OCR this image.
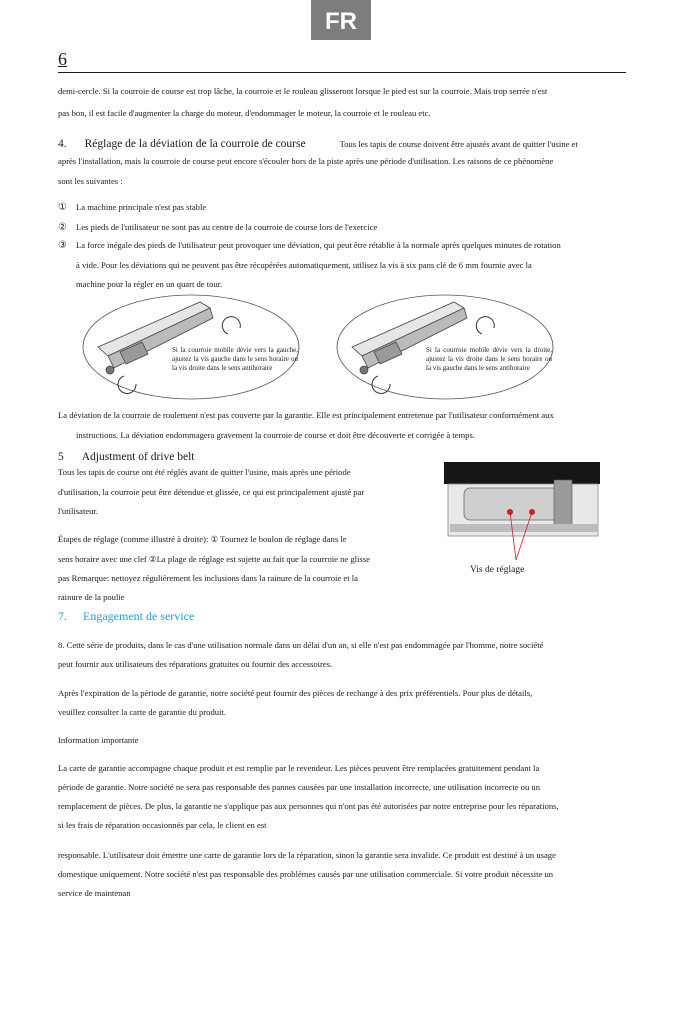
FR
6

demi-cercle. Si la courroie de course est trop lâche, la courroie et le rouleau glisseront lorsque le pied est sur la courroie. Mais trop serrée n'est

pas bon, il est facile d'augmenter la charge du moteur, d'endommager le moteur, la courroie et le rouleau etc.

4. Réglage de la déviation de la courroie de course	Tous les tapis de course doivent être ajustés avant de quitter l'usine et

après l'installation, mais la courroie de course peut encore s'écouler hors de la piste après une période d'utilisation. Les raisons de ce phénomène

sont les suivantes :

① La machine principale n'est pas stable
② Les pieds de l'utilisateur ne sont pas au centre de la courroie de course lors de l'exercice
③ La force inégale des pieds de l'utilisateur peut provoquer une déviation, qui peut être rétablie à la normale après quelques minutes de rotation

à vide. Pour les déviations qui ne peuvent pas être récupérées automatiquement, utilisez la vis à six pans clé de 6 mm fournie avec la

machine pour la régler en un quart de tour.

Si la courroie mobile dévie vers la gauche, ajustez la vis gauche dans le sens horaire ou la vis droite dans le sens antihoraire
Si la courroie mobile dévie vers la droite, ajustez la vis droite dans le sens horaire ou la vis gauche dans le sens antihoraire

La déviation de la courroie de roulement n'est pas couverte par la garantie. Elle est principalement entretenue par l'utilisateur conformément aux

instructions. La déviation endommagera gravement la courroie de course et doit être découverte et corrigée à temps.

5 Adjustment of drive belt

Tous les tapis de course ont été réglés avant de quitter l'usine, mais après une période

d'utilisation, la courroie peut être détendue et glissée, ce qui est principalement ajusté par

l'utilisateur.

Étapes de réglage (comme illustré à droite): ① Tournez le boulon de réglage dans le

sens horaire avec une clef ②La plage de réglage est sujette au fait que la courroie ne glisse

pas Remarque: nettoyez régulièrement les inclusions dans la rainure de la courroie et la

rainure de la poulie

Vis de réglage
7. Engagement de service

8. Cette série de produits, dans le cas d'une utilisation normale dans un délai d'un an, si elle n'est pas endommagée par l'homme, notre société

peut fournir aux utilisateurs des réparations gratuites ou fournir des accessoires.

Après l'expiration de la période de garantie, notre société peut fournir des pièces de rechange à des prix préférentiels. Pour plus de détails,

veuillez consulter la carte de garantie du produit.

Information importante

La carte de garantie accompagne chaque produit et est remplie par le revendeur. Les pièces peuvent être remplacées gratuitement pendant la

période de garantie. Notre société ne sera pas responsable des pannes causées par une installation incorrecte, une utilisation incorrecte ou un

remplacement de pièces. De plus, la garantie ne s'applique pas aux personnes qui n'ont pas été autorisées par notre entreprise pour les réparations,

si les frais de réparation occasionnés par cela, le client en est

responsable. L'utilisateur doit émettre une carte de garantie lors de la réparation, sinon la garantie sera invalide. Ce produit est destiné à un usage

domestique uniquement. Notre société n'est pas responsable des problèmes causés par une utilisation commerciale. Si votre produit nécessite un

service de maintenan
